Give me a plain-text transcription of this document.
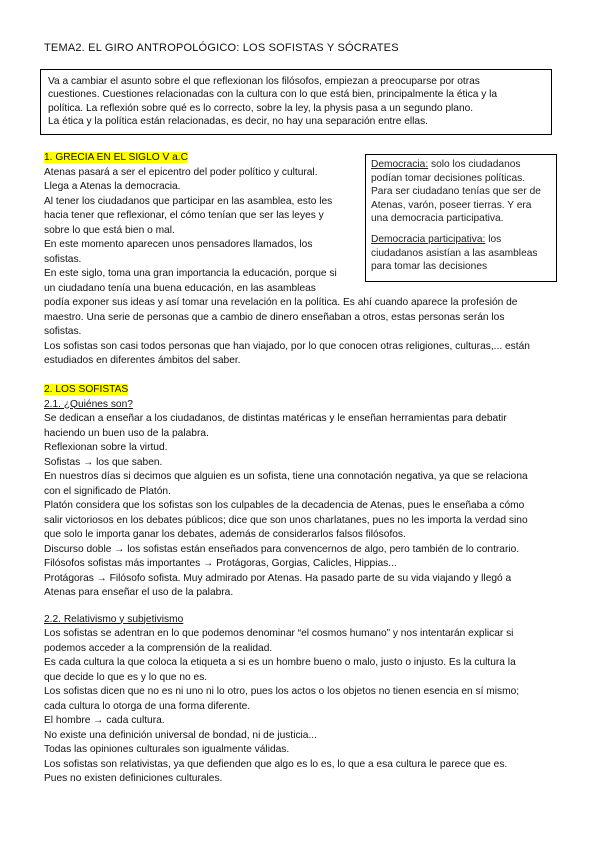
TEMA2. EL GIRO ANTROPOLÓGICO: LOS SOFISTAS Y SÓCRATES
Va a cambiar el asunto sobre el que reflexionan los filósofos, empiezan a preocuparse por otras
cuestiones. Cuestiones relacionadas con la cultura con lo que está bien, principalmente la ética y la
política. La reflexión sobre qué es lo correcto, sobre la ley, la physis pasa a un segundo plano.
La ética y la política están relacionadas, es decir, no hay una separación entre ellas.
1. GRECIA EN EL SIGLO V a.C
Atenas pasará a ser el epicentro del poder político y cultural.
Llega a Atenas la democracia.
Al tener los ciudadanos que participar en las asamblea, esto les
hacia tener que reflexionar, el cómo tenían que ser las leyes y
sobre lo que está bien o mal.
En este momento aparecen unos pensadores llamados, los
sofistas.
En este siglo, toma una gran importancia la educación, porque si
un ciudadano tenía una buena educación, en las asambleas
podía exponer sus ideas y así tomar una revelación en la política. Es ahí cuando aparece la profesión de
maestro. Una serie de personas que a cambio de dinero enseñaban a otros, estas personas serán los
sofistas.
Los sofistas son casi todos personas que han viajado, por lo que conocen otras religiones, culturas,... están
estudiados en diferentes ámbitos del saber.
Democracia: solo los ciudadanos
podían tomar decisiones políticas.
Para ser ciudadano tenías que ser de
Atenas, varón, poseer tierras. Y era
una democracia participativa.
Democracia participativa: los
ciudadanos asistían a las asambleas
para tomar las decisiones
2. LOS SOFISTAS
2.1. ¿Quiénes son?
Se dedican a enseñar a los ciudadanos, de distintas matéricas y le enseñan herramientas para debatir
haciendo un buen uso de la palabra.
Reflexionan sobre la virtud.
Sofistas → los que saben.
En nuestros días si decimos que alguien es un sofista, tiene una connotación negativa, ya que se relaciona
con el significado de Platón.
Platón considera que los sofistas son los culpables de la decadencia de Atenas, pues le enseñaba a cómo
salir victoriosos en los debates públicos; dice que son unos charlatanes, pues no les importa la verdad sino
que solo le importa ganar los debates, además de considerarlos falsos filósofos.
Discurso doble → los sofistas están enseñados para convencernos de algo, pero también de lo contrario.
Filósofos sofistas más importantes → Protágoras, Gorgias, Calicles, Hippias...
Protágoras → Filósofo sofista. Muy admirado por Atenas. Ha pasado parte de su vida viajando y llegó a
Atenas para enseñar el uso de la palabra.
2.2. Relativismo y subjetivismo
Los sofistas se adentran en lo que podemos denominar “el cosmos humano” y nos intentarán explicar si
podemos acceder a la comprensión de la realidad.
Es cada cultura la que coloca la etiqueta a si es un hombre bueno o malo, justo o injusto. Es la cultura la
que decide lo que es y lo que no es.
Los sofistas dicen que no es ni uno ni lo otro, pues los actos o los objetos no tienen esencia en sí mismo;
cada cultura lo otorga de una forma diferente.
El hombre → cada cultura.
No existe una definición universal de bondad, ni de justicia...
Todas las opiniones culturales son igualmente válidas.
Los sofistas son relativistas, ya que defienden que algo es lo es, lo que a esa cultura le parece que es.
Pues no existen definiciones culturales.
